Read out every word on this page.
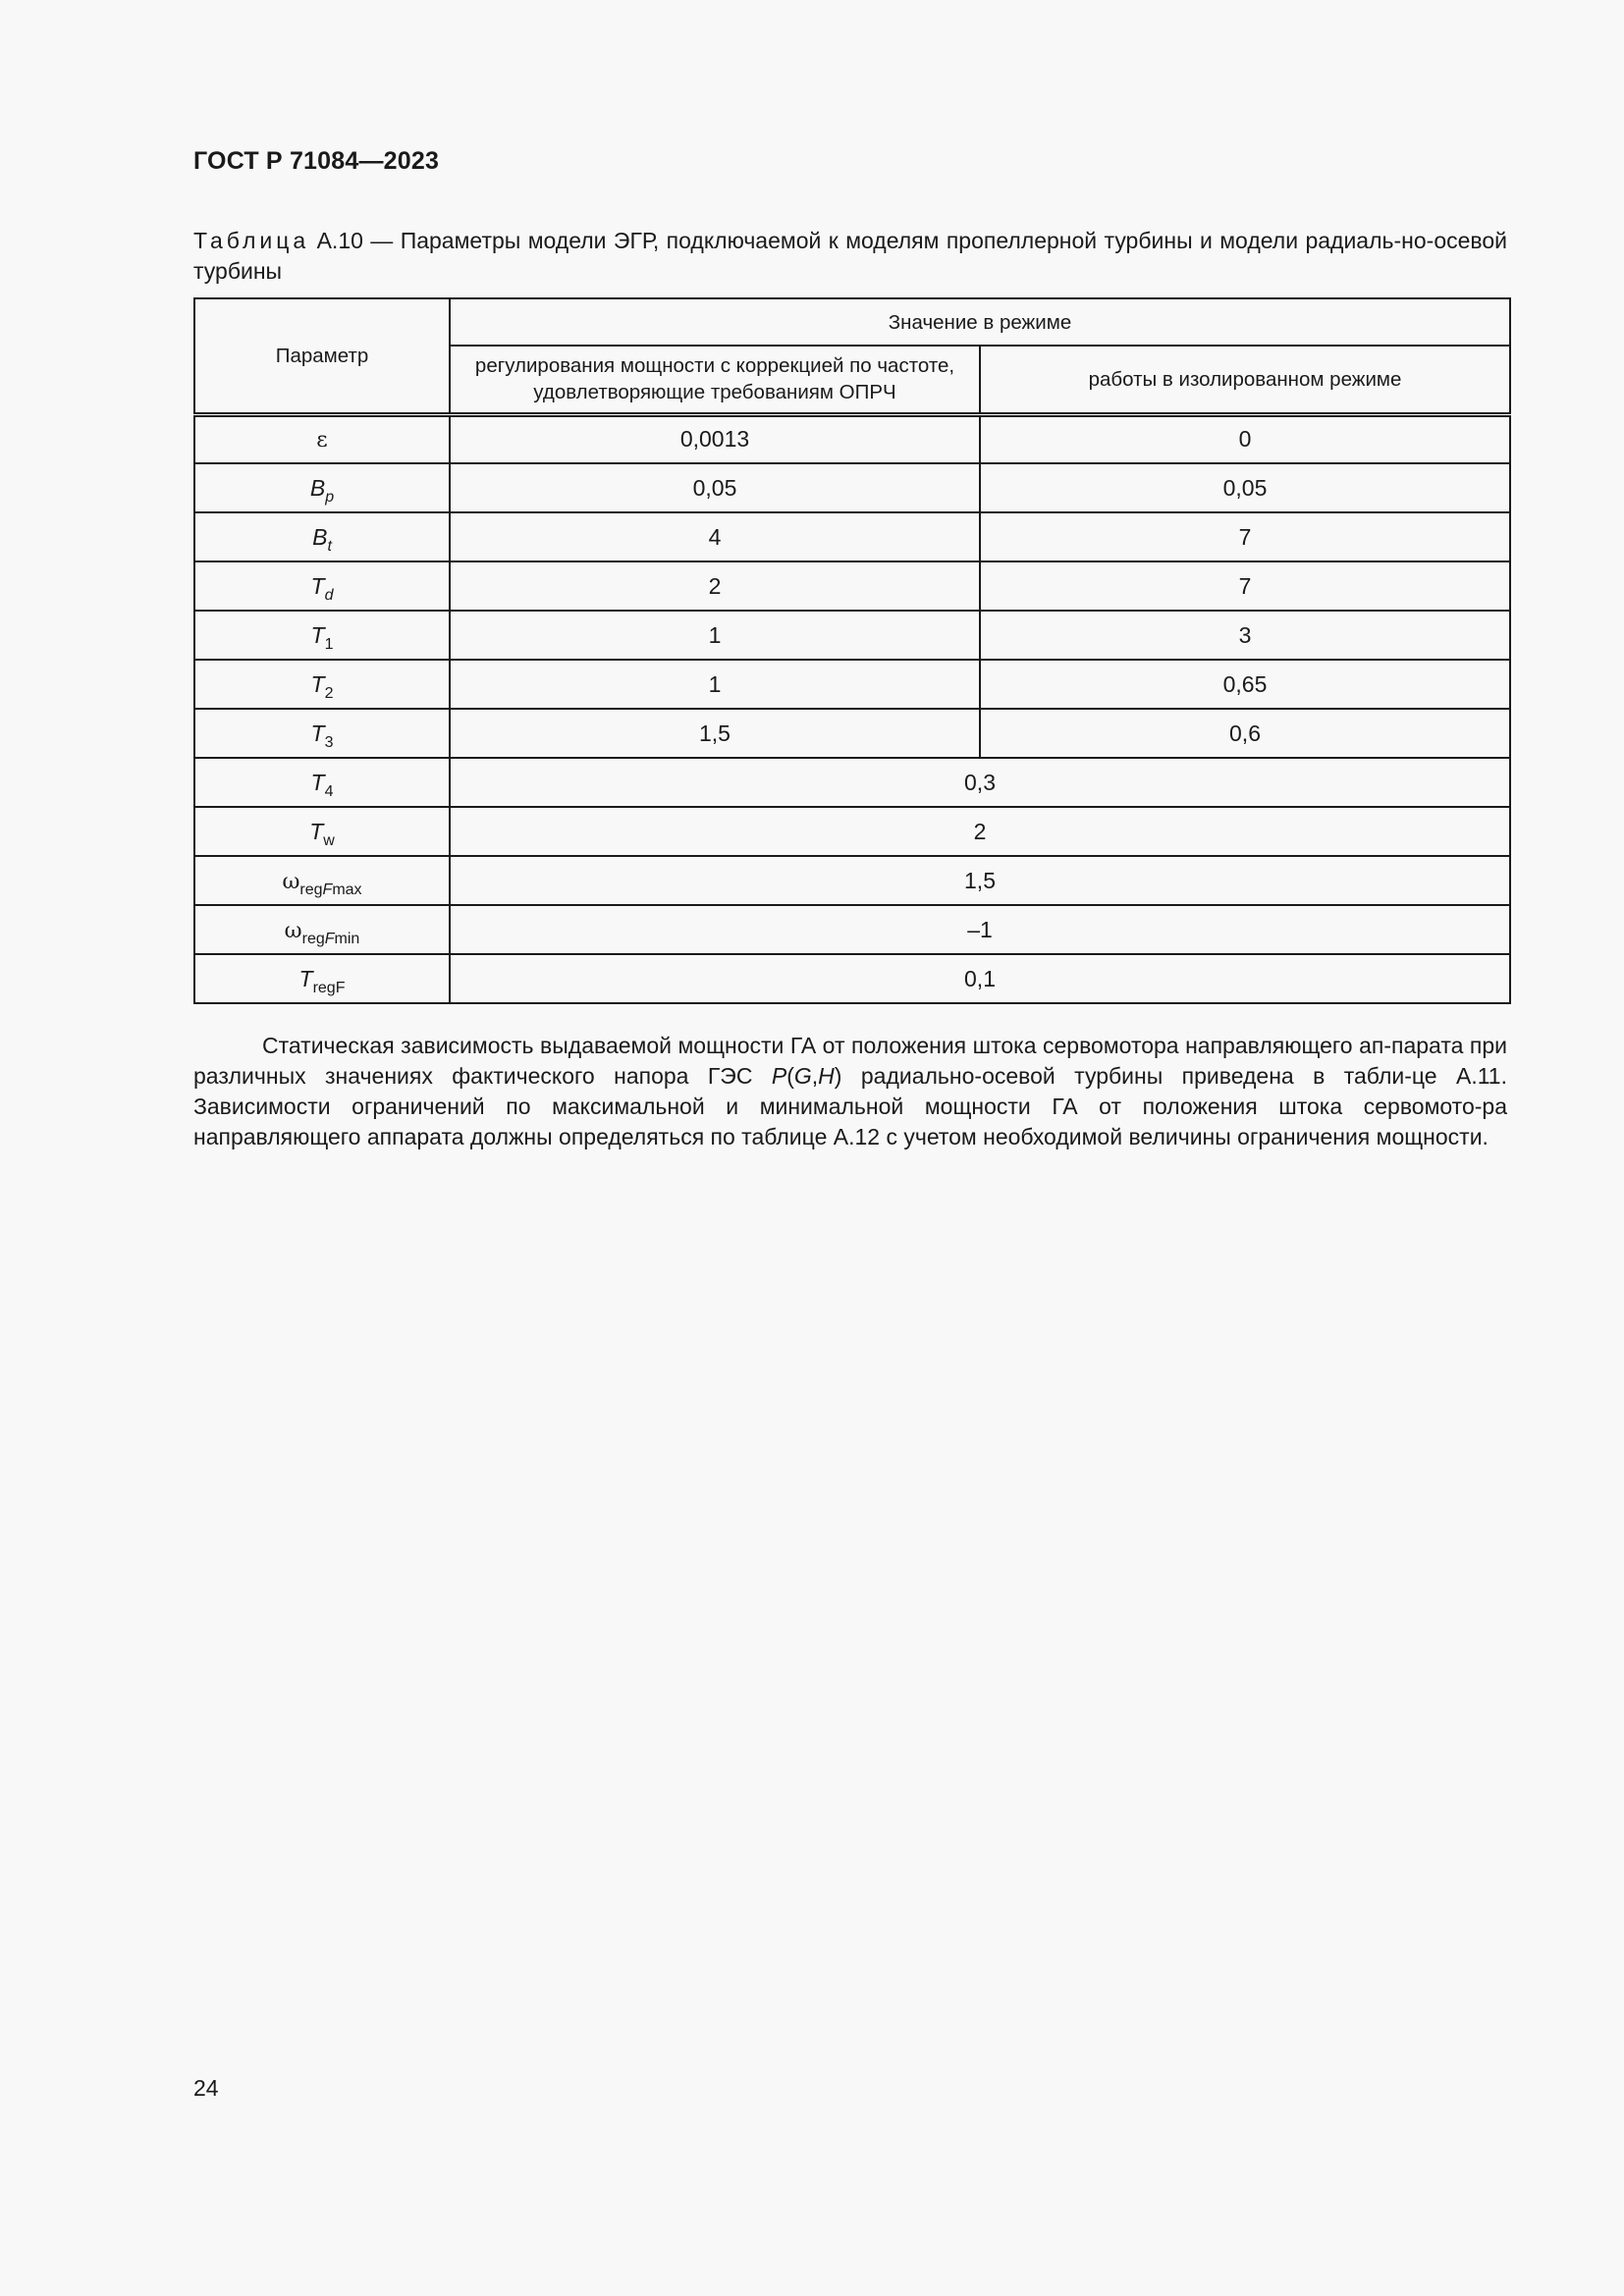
ГОСТ Р 71084—2023
Таблица А.10 — Параметры модели ЭГР, подключаемой к моделям пропеллерной турбины и модели радиаль-но-осевой турбины
Параметр	Значение в режиме	
	регулирования мощности с коррекцией по частоте, удовлетворяющие требованиям ОПРЧ	работы в изолированном режиме
ε	0,0013	0
$B_p$	0,05	0,05
$B_t$	4	7
$T_d$	2	7
$T_1$	1	3
$T_2$	1	0,65
$T_3$	1,5	0,6
$T_4$	0,3	
$T_w$	2	
$\omega_{regFmax}$	1,5	
$\omega_{regFmin}$	–1	
$T_{regF}$	0,1	

Статическая зависимость выдаваемой мощности ГА от положения штока сервомотора направляющего ап-парата при различных значениях фактического напора ГЭС P(G,H) радиально-осевой турбины приведена в табли-це А.11. Зависимости ограничений по максимальной и минимальной мощности ГА от положения штока сервомото-ра направляющего аппарата должны определяться по таблице А.12 с учетом необходимой величины ограничения мощности.

24
